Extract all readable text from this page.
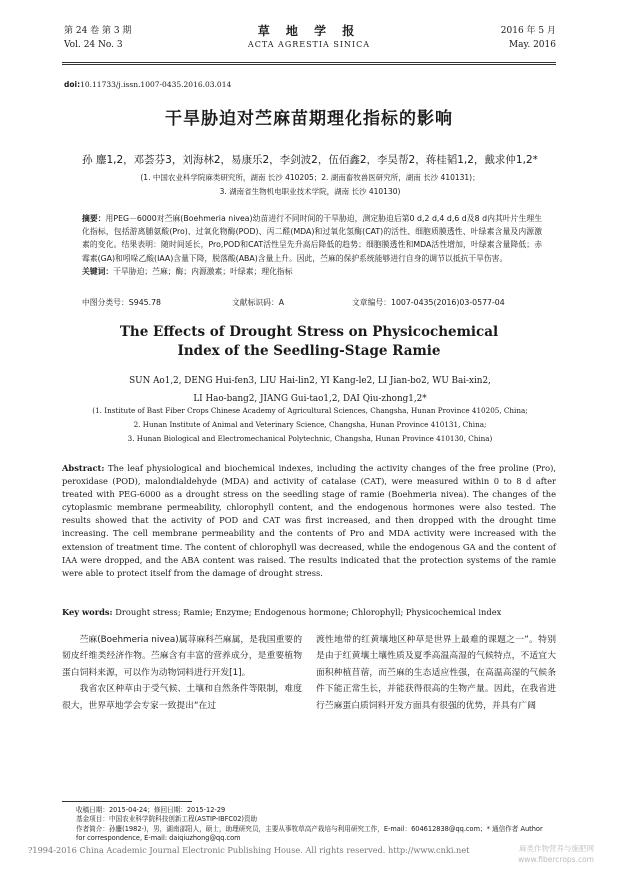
第 24 卷 第 3 期
Vol. 24 No. 3
草 地 学 报
ACTA AGRESTIA SINICA
2016 年 5 月
May. 2016
doi:10.11733/j.issn.1007-0435.2016.03.014
干旱胁迫对苎麻苗期理化指标的影响
孙 鏖1,2，邓荟芬3，刘海林2，易康乐2，李剑波2，伍佰鑫2，李昊帮2，蒋桂韬1,2，戴求仲1,2*
(1. 中国农业科学院麻类研究所，湖南 长沙 410205；2. 湖南畜牧兽医研究所，湖南 长沙 410131)；
3. 湖南省生物机电职业技术学院，湖南 长沙 410130)
摘要：用PEG－6000对苎麻(Boehmeria nivea)幼苗进行不同时间的干旱胁迫，测定胁迫后第0 d,2 d,4 d,6 d及8 d内其叶片生理生化指标，包括游离脯氨酸(Pro)、过氧化物酶(POD)、丙二醛(MDA)和过氧化氢酶(CAT)的活性、细胞质膜透性、叶绿素含量及内源激素的变化。结果表明：随时间延长，Pro,POD和CAT活性呈先升高后降低的趋势；细胞膜透性和MDA活性增加，叶绿素含量降低；赤霉素(GA)和吲哚乙酸(IAA)含量下降，脱落酸(ABA)含量上升。因此，苎麻的保护系统能够进行自身的调节以抵抗干旱伤害。
关键词：干旱胁迫；苎麻；酶；内源激素；叶绿素；理化指标
中图分类号：S945.78	文献标识码：A	文章编号：1007-0435(2016)03-0577-04
The Effects of Drought Stress on Physicochemical Index of the Seedling-Stage Ramie
SUN Ao1,2, DENG Hui-fen3, LIU Hai-lin2, YI Kang-le2, LI Jian-bo2, WU Bai-xin2,
LI Hao-bang2, JIANG Gui-tao1,2, DAI Qiu-zhong1,2*
(1. Institute of Bast Fiber Crops Chinese Academy of Agricultural Sciences, Changsha, Hunan Province 410205, China;
2. Hunan Institute of Animal and Veterinary Science, Changsha, Hunan Province 410131, China;
3. Hunan Biological and Electromechanical Polytechnic, Changsha, Hunan Province 410130, China)
Abstract: The leaf physiological and biochemical indexes, including the activity changes of the free proline (Pro), peroxidase (POD), malondialdehyde (MDA) and activity of catalase (CAT), were measured within 0 to 8 d after treated with PEG-6000 as a drought stress on the seedling stage of ramie (Boehmeria nivea). The changes of the cytoplasmic membrane permeability, chlorophyll content, and the endogenous hormones were also tested. The results showed that the activity of POD and CAT was first increased, and then dropped with the drought time increasing. The cell membrane permeability and the contents of Pro and MDA activity were increased with the extension of treatment time. The content of chlorophyll was decreased, while the endogenous GA and the content of IAA were dropped, and the ABA content was raised. The results indicated that the protection systems of the ramie were able to protect itself from the damage of drought stress.
Key words: Drought stress; Ramie; Enzyme; Endogenous hormone; Chlorophyll; Physicochemical index

苎麻(Boehmeria nivea)属荨麻科苎麻属，是我国重要的韧皮纤维类经济作物。苎麻含有丰富的营养成分，是重要植物蛋白饲料来源，可以作为动物饲料进行开发[1]。

我省农区种草由于受气候、土壤和自然条件等限制，难度很大，世界草地学会专家一致提出“在过

渡性地带的红黄壤地区种草是世界上最难的课题之一”。特别是由于红黄壤土壤性质及夏季高温高湿的气候特点，不适宜大面积种植苜蓿，而苎麻的生态适应性强，在高温高湿的气候条件下能正常生长，并能获得很高的生物产量。因此，在我省进行苎麻蛋白质饲料开发方面具有很强的优势，并具有广阔

收稿日期：2015-04-24；修回日期：2015-12-29
基金项目：中国农业科学院科技创新工程(ASTIP-IBFC02)资助
作者简介：孙鏖(1982-)，男，湖南邵阳人，硕士，助理研究员，主要从事牧草高产栽培与利用研究工作，E-mail：604612838@qq.com；* 通信作者 Author for correspondence, E-mail: daiqiuzhong@qq.com
?1994-2016 China Academic Journal Electronic Publishing House. All rights reserved. http://www.cnki.net	麻类作物营养与施肥网
www.fibercrops.com
